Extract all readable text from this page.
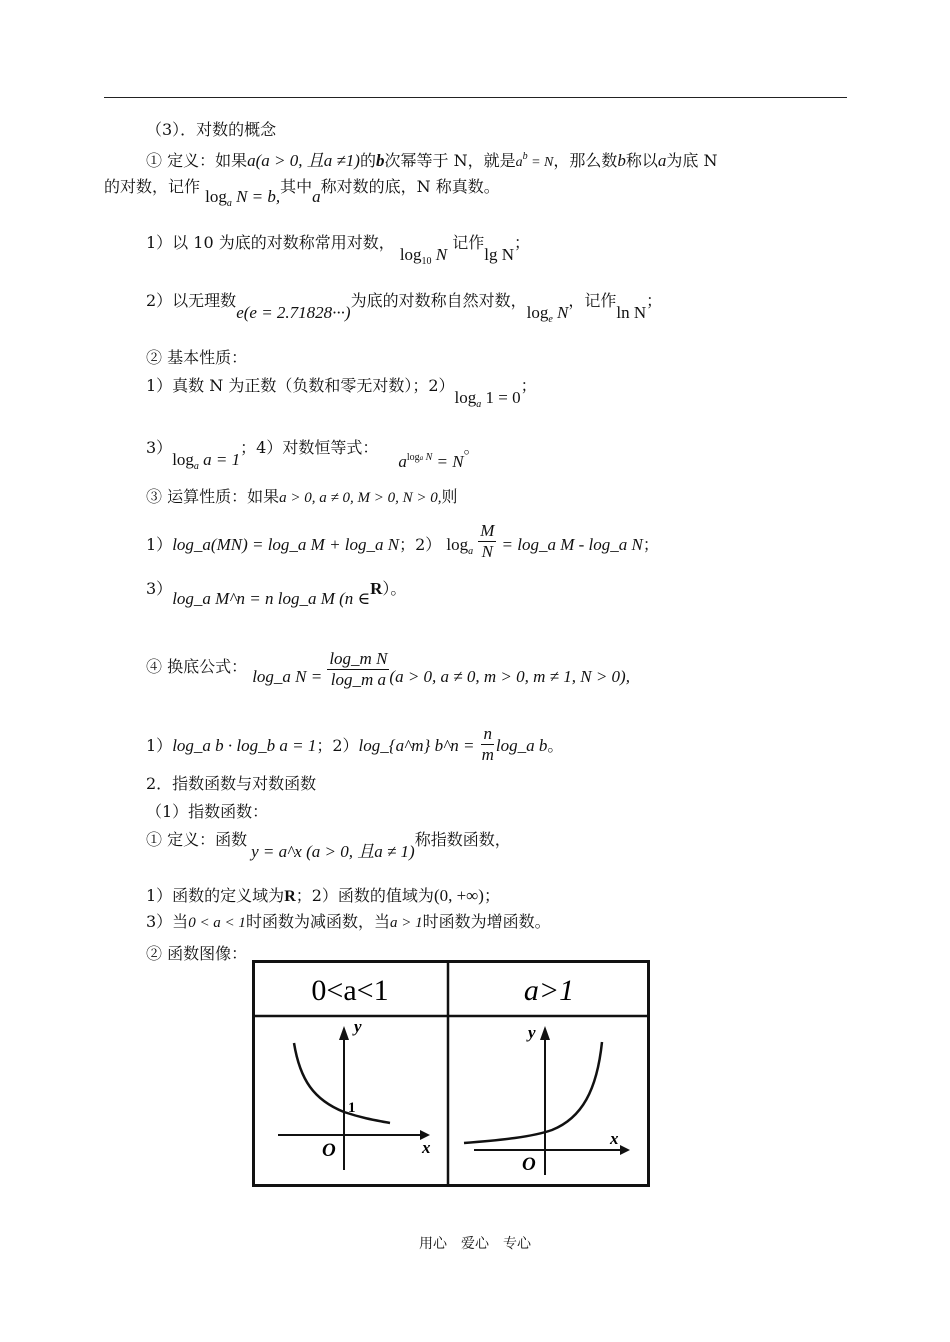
（3）．对数的概念
① 定义：如果a(a > 0, 且a ≠1)的b次幂等于 N，就是$a^b = N$，那么数b称以a为底 N
的对数，记作 $\log_a N = b$,其中a称对数的底，N 称真数。
1）以 10 为底的对数称常用对数， $\log_{10} N$ 记作lg N；
2）以无理数e(e = 2.71828···)为底的对数称自然对数，$\log_e N$，记作ln N；
② 基本性质：
1）真数 N 为正数（负数和零无对数）；$2)\log_a$ 1 = 0；
$3)\log_a$ a = 1；4）对数恒等式：$a^{loga N} = N$。
③ 运算性质：如果a > 0, a ≠ 0, M > 0, N > 0,则
1）log_a(MN) = log_a M + log_a N；2） $\log_a \frac{M}{N}$ = log_a M - log_a N；
3）log_a M^n = n log_a M (n ∈R）。
④ 换底公式： log_a $N = \frac{\text{log\_m N}}{\text{log\_m a}} (a > 0$, a ≠ 0, m > 0, m ≠ 1, N > 0),
1）log_a b · log_b a = 1；2）log_{a^m} b^n = $\frac{n}{m}$ log_a b。
2．指数函数与对数函数
（1）指数函数：
① 定义：函数y = a^x (a > 0, 且a ≠ 1)称指数函数，
1）函数的定义域为R；2）函数的值域为(0, +∞)；
3）当0 < a < 1时函数为减函数，当a > 1时函数为增函数。
② 函数图像：
0<a<1	a>1
y
x
O
1
y
x
O
用心　爱心　专心
